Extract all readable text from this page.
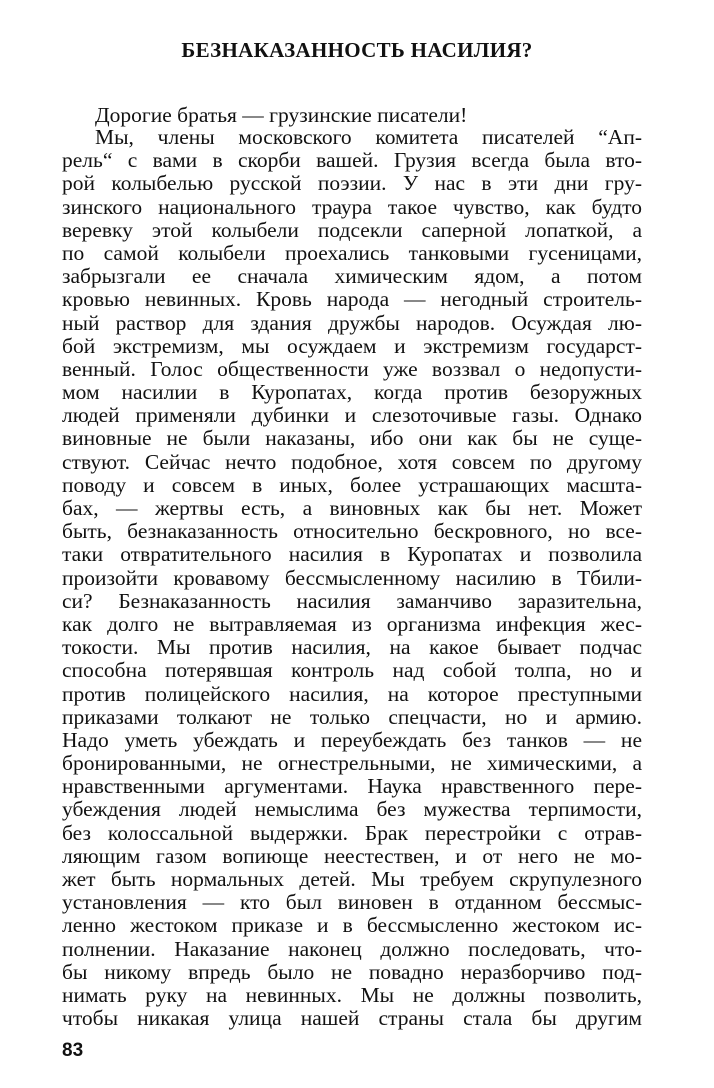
БЕЗНАКАЗАННОСТЬ НАСИЛИЯ?
Дорогие братья — грузинские писатели!
Мы, члены московского комитета писателей “Ап-
рель“ с вами в скорби вашей. Грузия всегда была вто-
рой колыбелью русской поэзии. У нас в эти дни гру-
зинского национального траура такое чувство, как будто
веревку этой колыбели подсекли саперной лопаткой, а
по самой колыбели проехались танковыми гусеницами,
забрызгали ее сначала химическим ядом, а потом
кровью невинных. Кровь народа — негодный строитель-
ный раствор для здания дружбы народов. Осуждая лю-
бой экстремизм, мы осуждаем и экстремизм государст-
венный. Голос общественности уже воззвал о недопусти-
мом насилии в Куропатах, когда против безоружных
людей применяли дубинки и слезоточивые газы. Однако
виновные не были наказаны, ибо они как бы не суще-
ствуют. Сейчас нечто подобное, хотя совсем по другому
поводу и совсем в иных, более устрашающих масшта-
бах, — жертвы есть, а виновных как бы нет. Может
быть, безнаказанность относительно бескровного, но все-
таки отвратительного насилия в Куропатах и позволила
произойти кровавому бессмысленному насилию в Тбили-
си? Безнаказанность насилия заманчиво заразительна,
как долго не вытравляемая из организма инфекция жес-
токости. Мы против насилия, на какое бывает подчас
способна потерявшая контроль над собой толпа, но и
против полицейского насилия, на которое преступными
приказами толкают не только спецчасти, но и армию.
Надо уметь убеждать и переубеждать без танков — не
бронированными, не огнестрельными, не химическими, а
нравственными аргументами. Наука нравственного пере-
убеждения людей немыслима без мужества терпимости,
без колоссальной выдержки. Брак перестройки с отрав-
ляющим газом вопиюще неестествен, и от него не мо-
жет быть нормальных детей. Мы требуем скрупулезного
установления — кто был виновен в отданном бессмыс-
ленно жестоком приказе и в бессмысленно жестоком ис-
полнении. Наказание наконец должно последовать, что-
бы никому впредь было не повадно неразборчиво под-
нимать руку на невинных. Мы не должны позволить,
чтобы никакая улица нашей страны стала бы другим
83
